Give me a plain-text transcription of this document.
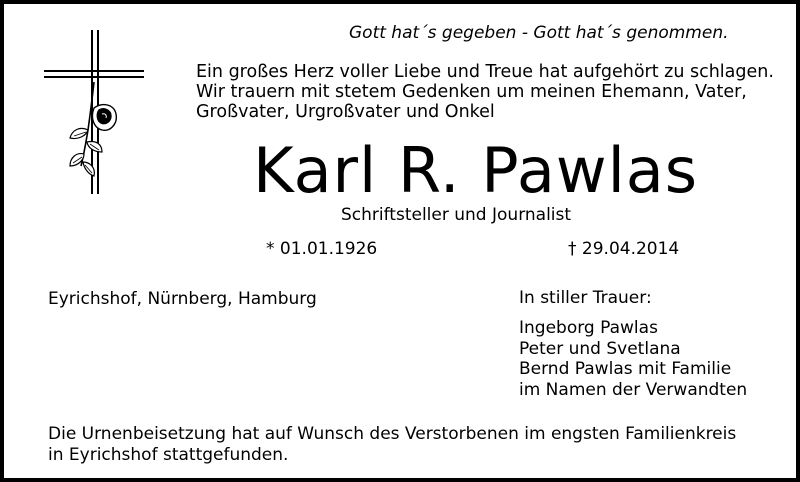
Gott hat´s gegeben - Gott hat´s genommen.
Ein großes Herz voller Liebe und Treue hat aufgehört zu schlagen.
Wir trauern mit stetem Gedenken um meinen Ehemann, Vater,
Großvater, Urgroßvater und Onkel
Karl R. Pawlas
Schriftsteller und Journalist
* 01.01.1926	† 29.04.2014
Eyrichshof, Nürnberg, Hamburg	In stiller Trauer:
Ingeborg Pawlas
Peter und Svetlana
Bernd Pawlas mit Familie
im Namen der Verwandten
Die Urnenbeisetzung hat auf Wunsch des Verstorbenen im engsten Familienkreis
in Eyrichshof stattgefunden.
